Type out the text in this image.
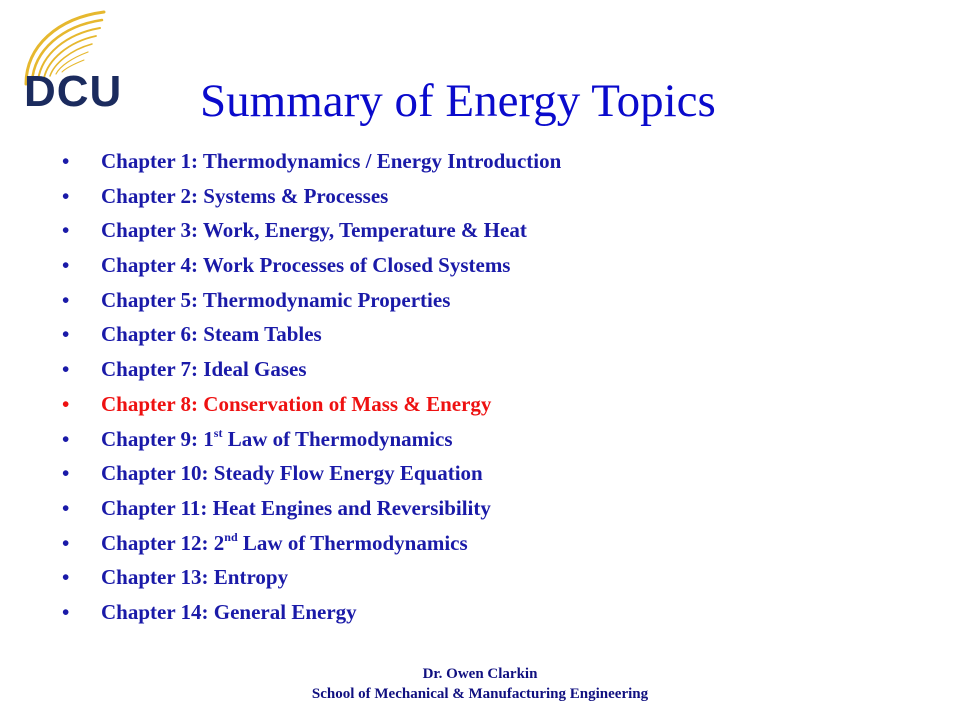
DCU Summary of Energy Topics
•	Chapter 1: Thermodynamics / Energy Introduction
•	Chapter 2: Systems & Processes
•	Chapter 3: Work, Energy, Temperature & Heat
•	Chapter 4: Work Processes of Closed Systems
•	Chapter 5: Thermodynamic Properties
•	Chapter 6: Steam Tables
•	Chapter 7: Ideal Gases
•	Chapter 8: Conservation of Mass & Energy
•	Chapter 9: 1st Law of Thermodynamics
•	Chapter 10: Steady Flow Energy Equation
•	Chapter 11: Heat Engines and Reversibility
•	Chapter 12: 2nd Law of Thermodynamics
•	Chapter 13: Entropy
•	Chapter 14: General Energy
Dr. Owen Clarkin
School of Mechanical & Manufacturing Engineering
